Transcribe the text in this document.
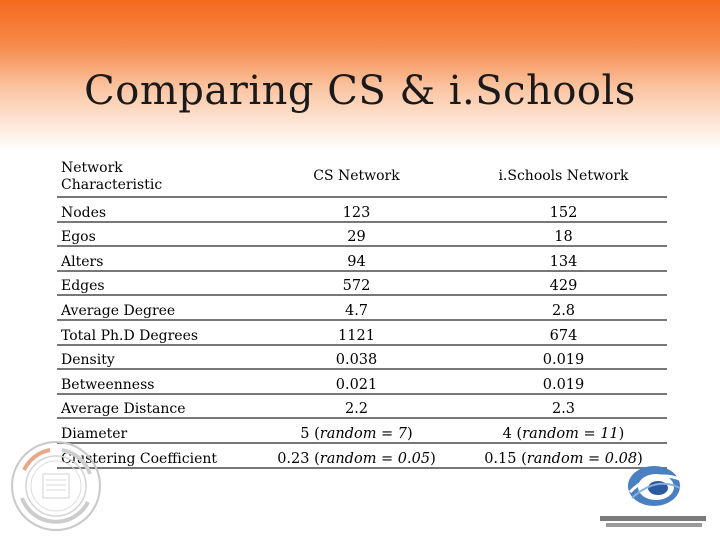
Comparing CS & i.Schools
Network Characteristic	CS Network	i.Schools Network
Nodes	123	152
Egos	29	18
Alters	94	134
Edges	572	429
Average Degree	4.7	2.8
Total Ph.D Degrees	1121	674
Density	0.038	0.019
Betweenness	0.021	0.019
Average Distance	2.2	2.3
Diameter	5 (random = 7)	4 (random = 11)
Clustering Coefficient	0.23 (random = 0.05)	0.15 (random = 0.08)
